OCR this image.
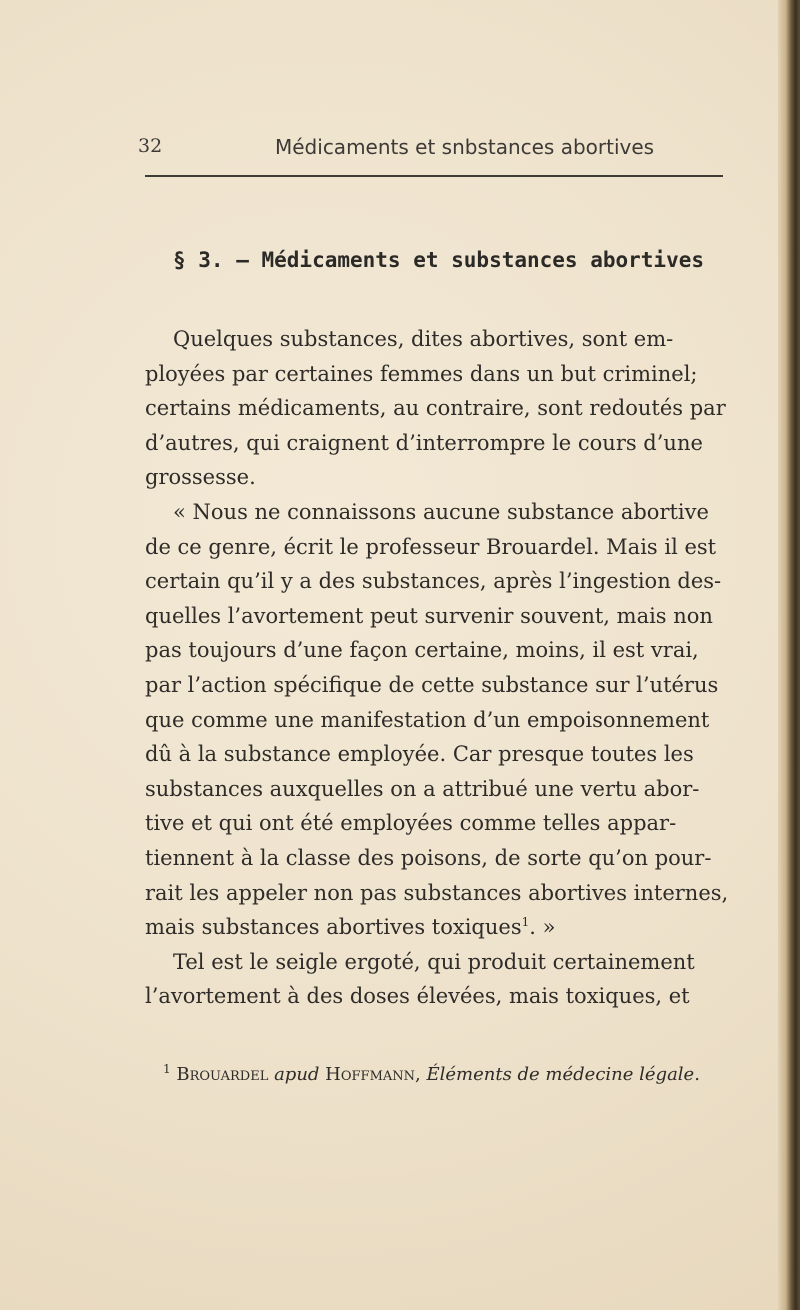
32	Médicaments et snbstances abortives
§ 3. — Médicaments et substances abortives
Quelques substances, dites abortives, sont em-
ployées par certaines femmes dans un but criminel;
certains médicaments, au contraire, sont redoutés par
d’autres, qui craignent d’interrompre le cours d’une
grossesse.
« Nous ne connaissons aucune substance abortive
de ce genre, écrit le professeur Brouardel. Mais il est
certain qu’il y a des substances, après l’ingestion des-
quelles l’avortement peut survenir souvent, mais non
pas toujours d’une façon certaine, moins, il est vrai,
par l’action spécifique de cette substance sur l’utérus
que comme une manifestation d’un empoisonnement
dû à la substance employée. Car presque toutes les
substances auxquelles on a attribué une vertu abor-
tive et qui ont été employées comme telles appar-
tiennent à la classe des poisons, de sorte qu’on pour-
rait les appeler non pas substances abortives internes,
mais substances abortives toxiques$^1$. »
Tel est le seigle ergoté, qui produit certainement
l’avortement à des doses élevées, mais toxiques, et
$^1$ Brouardel apud Hoffmann, Éléments de médecine légale.
